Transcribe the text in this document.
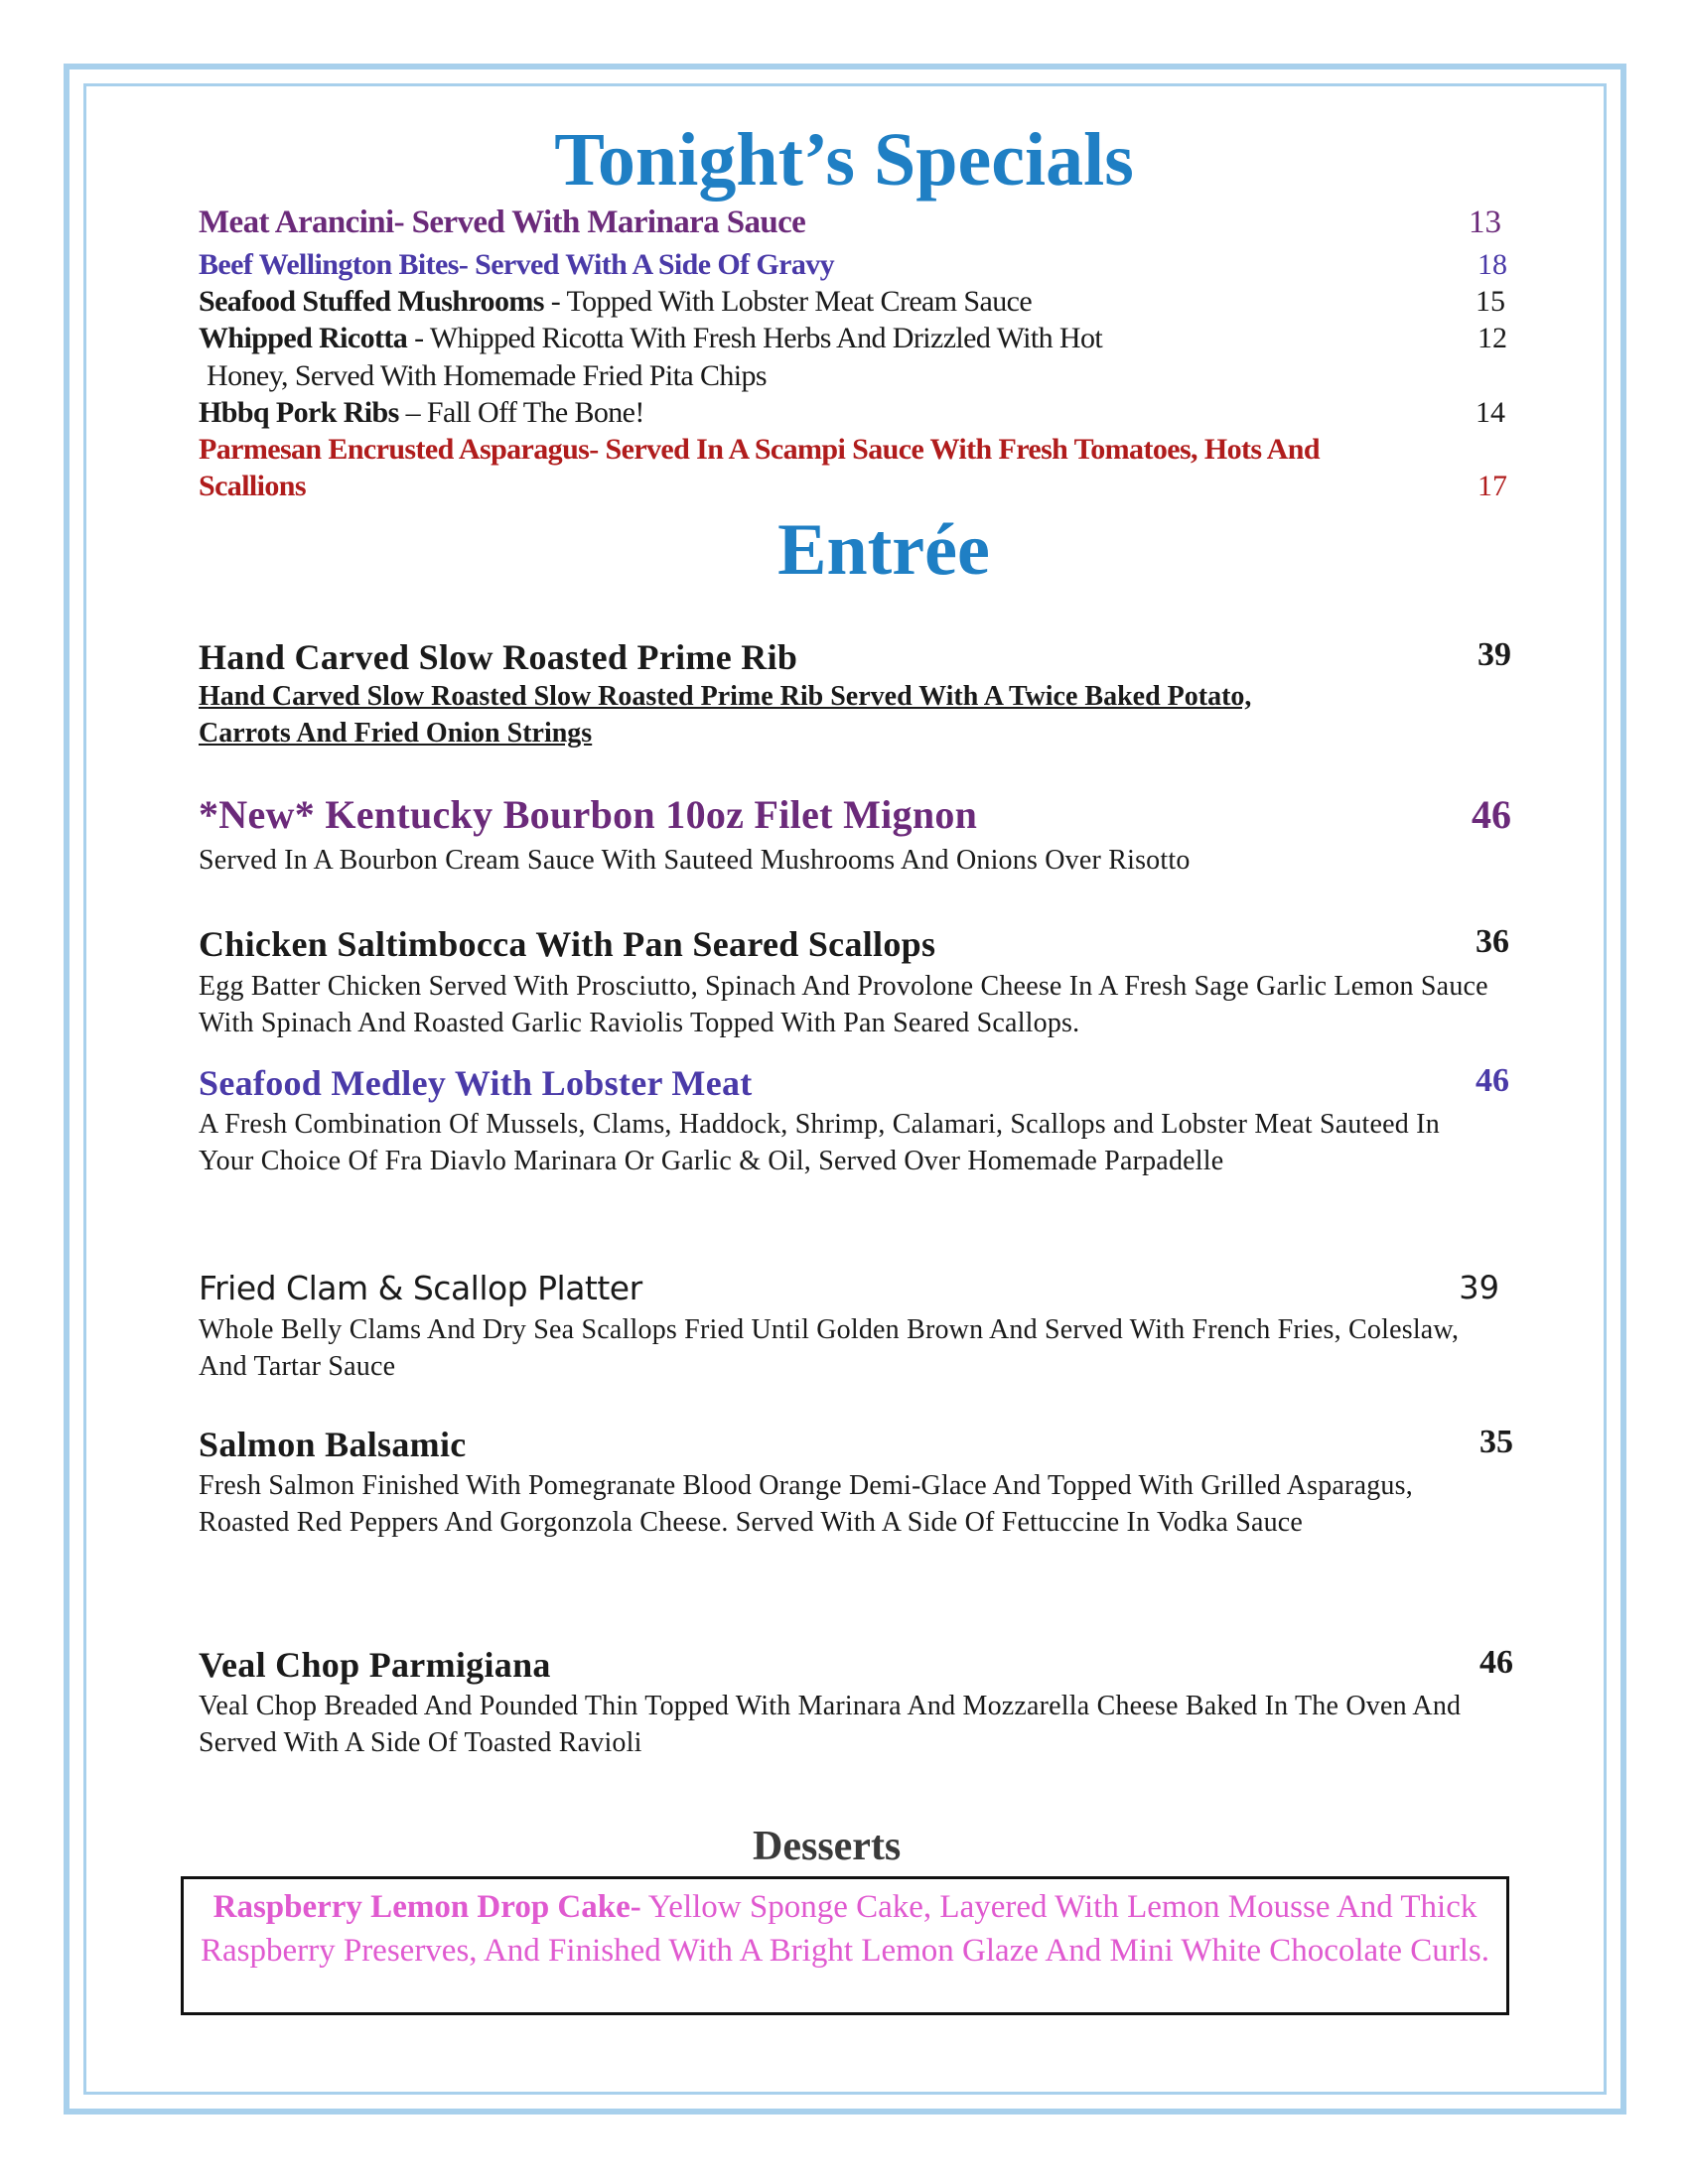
Tonight’s Specials
Meat Arancini- Served With Marinara Sauce	13
Beef Wellington Bites- Served With A Side Of Gravy	18
Seafood Stuffed Mushrooms - Topped With Lobster Meat Cream Sauce	15
Whipped Ricotta - Whipped Ricotta With Fresh Herbs And Drizzled With Hot	12
Honey, Served With Homemade Fried Pita Chips
Hbbq Pork Ribs – Fall Off The Bone!	14
Parmesan Encrusted Asparagus- Served In A Scampi Sauce With Fresh Tomatoes, Hots And
Scallions	17
Entrée
Hand Carved Slow Roasted Prime Rib	39
Hand Carved Slow Roasted Slow Roasted Prime Rib Served With A Twice Baked Potato,
Carrots And Fried Onion Strings
*New* Kentucky Bourbon 10oz Filet Mignon	46
Served In A Bourbon Cream Sauce With Sauteed Mushrooms And Onions Over Risotto
Chicken Saltimbocca With Pan Seared Scallops	36
Egg Batter Chicken Served With Prosciutto, Spinach And Provolone Cheese In A Fresh Sage Garlic Lemon Sauce With Spinach And Roasted Garlic Raviolis Topped With Pan Seared Scallops.
Seafood Medley With Lobster Meat	46
A Fresh Combination Of Mussels, Clams, Haddock, Shrimp, Calamari, Scallops and Lobster Meat Sauteed In Your Choice Of Fra Diavlo Marinara Or Garlic & Oil, Served Over Homemade Parpadelle
Fried Clam & Scallop Platter	39
Whole Belly Clams And Dry Sea Scallops Fried Until Golden Brown And Served With French Fries, Coleslaw, And Tartar Sauce
Salmon Balsamic	35
Fresh Salmon Finished With Pomegranate Blood Orange Demi-Glace And Topped With Grilled Asparagus, Roasted Red Peppers And Gorgonzola Cheese. Served With A Side Of Fettuccine In Vodka Sauce
Veal Chop Parmigiana	46
Veal Chop Breaded And Pounded Thin Topped With Marinara And Mozzarella Cheese Baked In The Oven And Served With A Side Of Toasted Ravioli
Desserts
Raspberry Lemon Drop Cake- Yellow Sponge Cake, Layered With Lemon Mousse And Thick Raspberry Preserves, And Finished With A Bright Lemon Glaze And Mini White Chocolate Curls.
